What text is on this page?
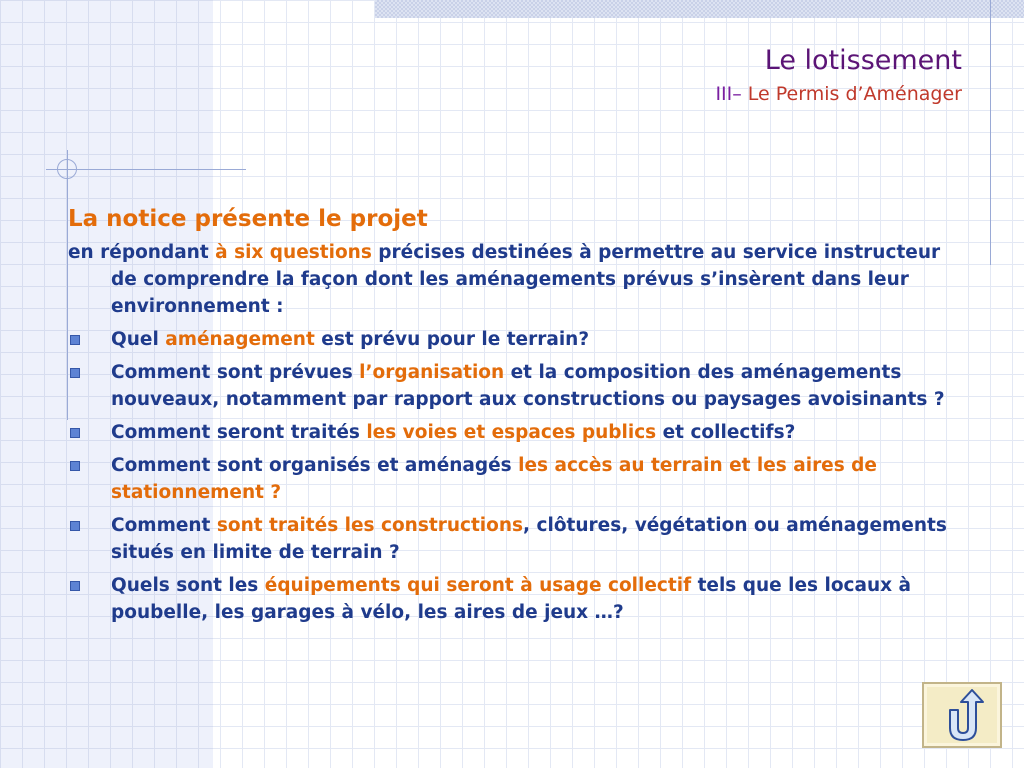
Le lotissement
III– Le Permis d’Aménager
La notice présente le projet
en répondant à six questions précises destinées à permettre au service instructeur de comprendre la façon dont les aménagements prévus s’insèrent dans leur environnement :
Quel aménagement est prévu pour le terrain?
Comment sont prévues l’organisation et la composition des aménagements nouveaux, notamment par rapport aux constructions ou paysages avoisinants ?
Comment seront traités les voies et espaces publics et collectifs?
Comment sont organisés et aménagés les accès au terrain et les aires de stationnement ?
Comment sont traités les constructions, clôtures, végétation ou aménagements situés en limite de terrain ?
Quels sont les équipements qui seront à usage collectif tels que les locaux à poubelle, les garages à vélo, les aires de jeux …?
